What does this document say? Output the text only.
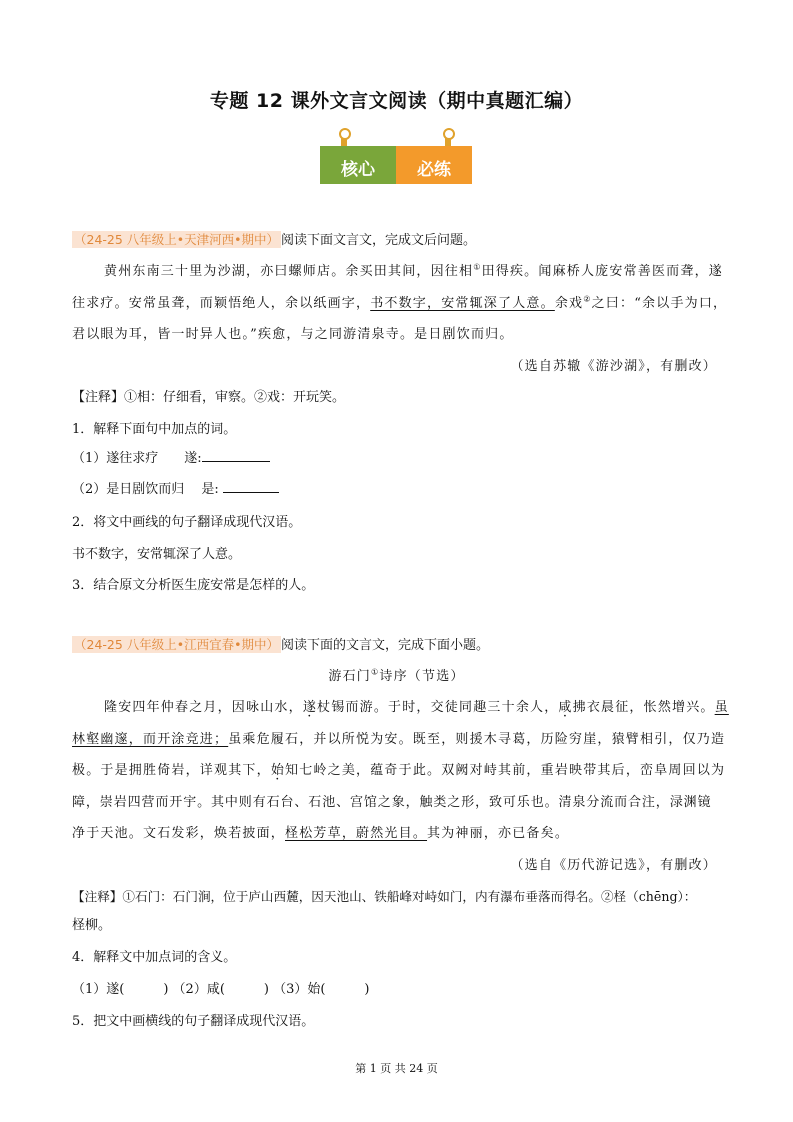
专题 12 课外文言文阅读（期中真题汇编）
核心	必练
（24-25 八年级上•天津河西•期中） 阅读下面文言文，完成文后问题。
黄州东南三十里为沙湖，亦曰螺师店。余买田其间，因往相①田得疾。闻麻桥人庞安常善医而聋，遂
往求疗。安常虽聋，而颖悟绝人，余以纸画字，书不数字，安常辄深了人意。余戏②之曰：“余以手为口，
君以眼为耳，皆一时异人也。”疾愈，与之同游清泉寺。是日剧饮而归。
（选自苏辙《游沙湖》，有删改）
【注释】①相：仔细看，审察。②戏：开玩笑。
1．解释下面句中加点的词。
（1）遂往求疗　　遂:
（2）是日剧饮而归　 是:
2．将文中画线的句子翻译成现代汉语。
书不数字，安常辄深了人意。
3．结合原文分析医生庞安常是怎样的人。
（24-25 八年级上•江西宜春•期中） 阅读下面的文言文，完成下面小题。
游石门①诗序（节选）
隆安四年仲春之月，因咏山水，遂杖锡而游。于时，交徒同趣三十余人，咸拂衣晨征，怅然增兴。虽
林壑幽邃，而开涂竞进；虽乘危履石，并以所悦为安。既至，则援木寻葛，历险穷崖，猿臂相引，仅乃造
极。于是拥胜倚岩，详观其下，始知七岭之美，蕴奇于此。双阙对峙其前，重岩映带其后，峦阜周回以为
障，崇岩四营而开宇。其中则有石台、石池、宫馆之象，触类之形，致可乐也。清泉分流而合注，渌渊镜
净于天池。文石发彩，焕若披面，柽松芳草，蔚然光目。其为神丽，亦已备矣。
（选自《历代游记选》，有删改）
【注释】①石门：石门涧，位于庐山西麓，因天池山、铁船峰对峙如门，内有瀑布垂落而得名。②柽（chēng）：
柽柳。
4．解释文中加点词的含义。
（1）遂(　　　) （2）咸(　　　) （3）始(　　　)
5．把文中画横线的句子翻译成现代汉语。
第 1 页 共 24 页
